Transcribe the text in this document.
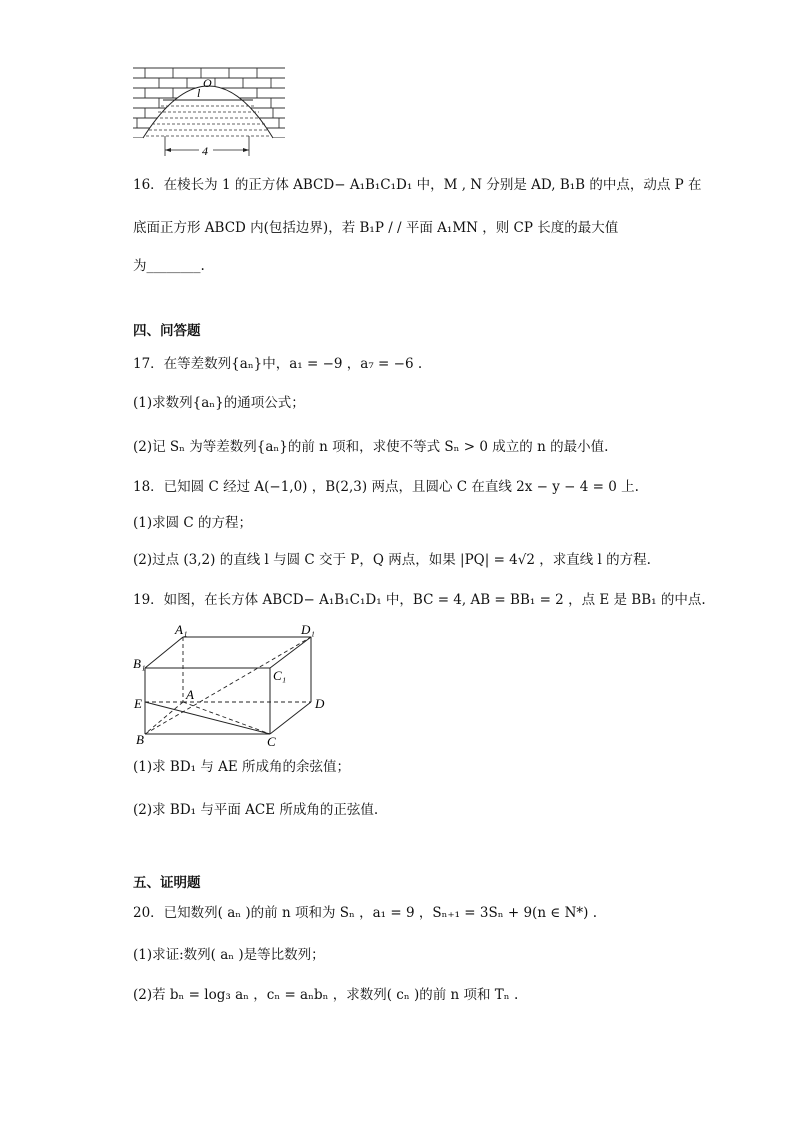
O
l
4
16．在棱长为 1 的正方体 ABCD− A₁B₁C₁D₁ 中，M , N 分别是 AD, B₁B 的中点，动点 P 在
底面正方形 ABCD 内(包括边界)，若 B₁P / / 平面 A₁MN ，则 CP 长度的最大值
为________.
四、问答题
17．在等差数列{aₙ}中，a₁ = −9 ，a₇ = −6 .
(1)求数列{aₙ}的通项公式；
(2)记 Sₙ 为等差数列{aₙ}的前 n 项和，求使不等式 Sₙ > 0 成立的 n 的最小值.
18．已知圆 C 经过 A(−1,0) ，B(2,3) 两点，且圆心 C 在直线 2x − y − 4 = 0 上.
(1)求圆 C 的方程；
(2)过点 (3,2) 的直线 l 与圆 C 交于 P，Q 两点，如果 |PQ| = 4√2 ，求直线 l 的方程.
19．如图，在长方体 ABCD− A₁B₁C₁D₁ 中，BC = 4, AB = BB₁ = 2 ，点 E 是 BB₁ 的中点.
A₁	D₁
B₁
C₁
A
D
E
B	C
(1)求 BD₁ 与 AE 所成角的余弦值；
(2)求 BD₁ 与平面 ACE 所成角的正弦值.
五、证明题
20．已知数列( aₙ )的前 n 项和为 Sₙ ，a₁ = 9 ，Sₙ₊₁ = 3Sₙ + 9(n ∈ N*) .
(1)求证:数列( aₙ )是等比数列；
(2)若 bₙ = log₃ aₙ ，cₙ = aₙbₙ ，求数列( cₙ )的前 n 项和 Tₙ .
